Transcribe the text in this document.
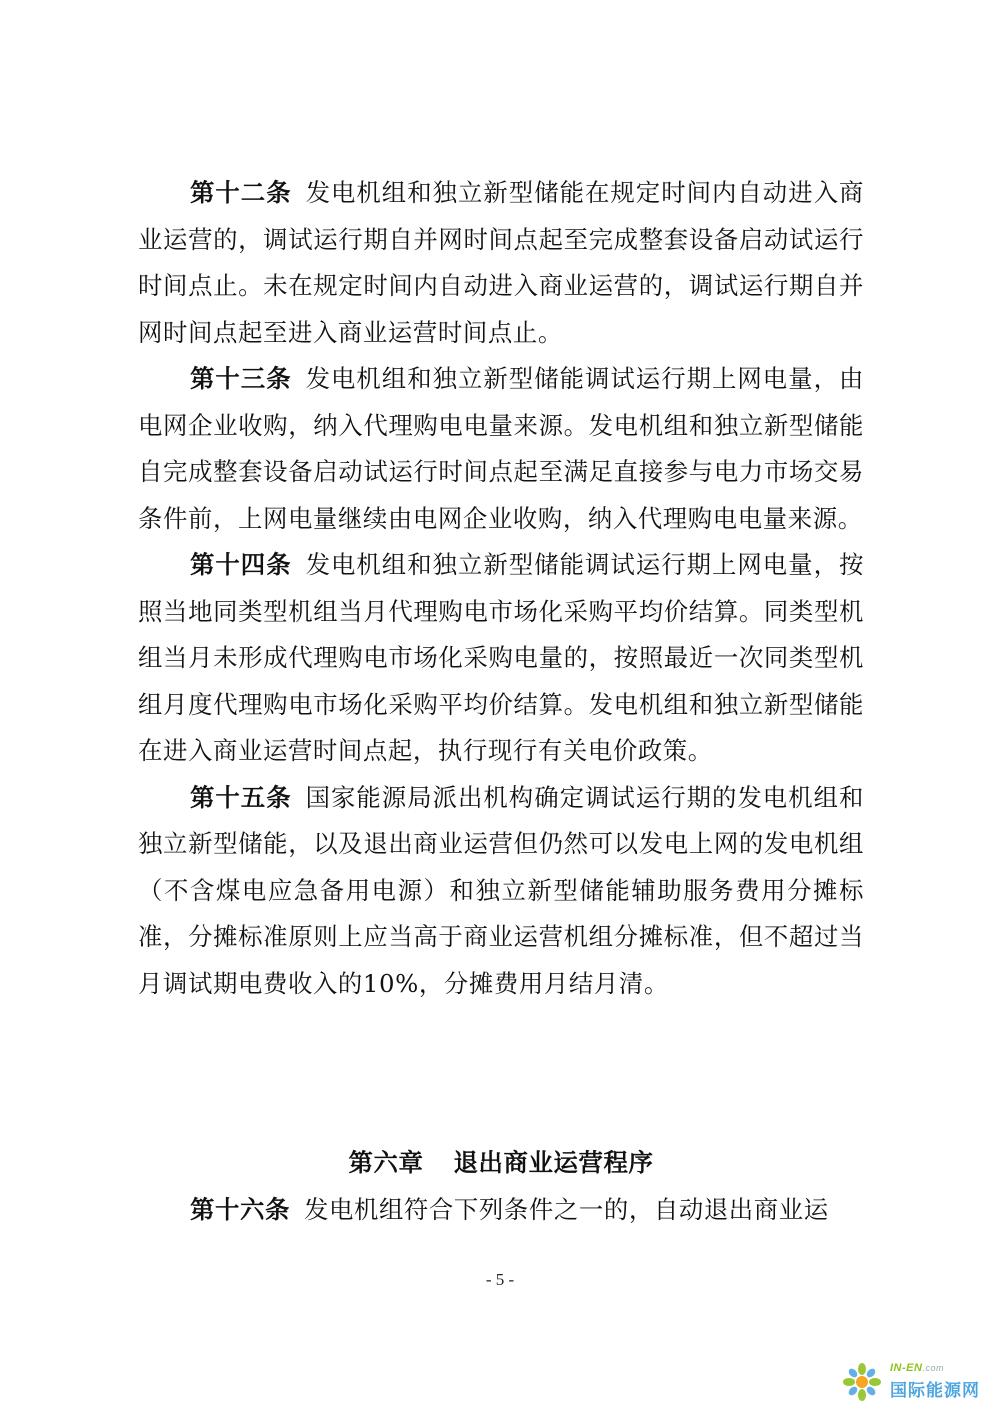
第十二条 发电机组和独立新型储能在规定时间内自动进入商业运营的，调试运行期自并网时间点起至完成整套设备启动试运行时间点止。未在规定时间内自动进入商业运营的，调试运行期自并网时间点起至进入商业运营时间点止。

第十三条 发电机组和独立新型储能调试运行期上网电量，由电网企业收购，纳入代理购电电量来源。发电机组和独立新型储能自完成整套设备启动试运行时间点起至满足直接参与电力市场交易条件前，上网电量继续由电网企业收购，纳入代理购电电量来源。

第十四条 发电机组和独立新型储能调试运行期上网电量，按照当地同类型机组当月代理购电市场化采购平均价结算。同类型机组当月未形成代理购电市场化采购电量的，按照最近一次同类型机组月度代理购电市场化采购平均价结算。发电机组和独立新型储能在进入商业运营时间点起，执行现行有关电价政策。

第十五条 国家能源局派出机构确定调试运行期的发电机组和独立新型储能，以及退出商业运营但仍然可以发电上网的发电机组（不含煤电应急备用电源）和独立新型储能辅助服务费用分摊标准，分摊标准原则上应当高于商业运营机组分摊标准，但不超过当月调试期电费收入的10%，分摊费用月结月清。

第六章 退出商业运营程序

第十六条 发电机组符合下列条件之一的，自动退出商业运

- 5 -
IN-EN.com
国际能源网
